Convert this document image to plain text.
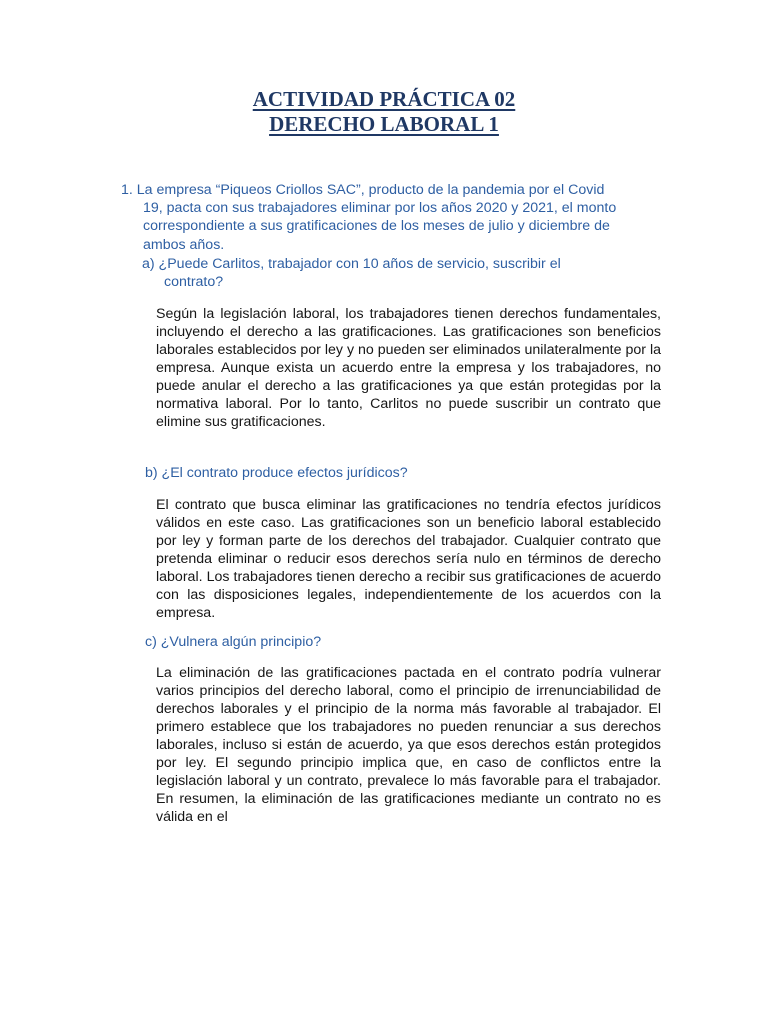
ACTIVIDAD PRÁCTICA 02
DERECHO LABORAL 1
1. La empresa “Piqueos Criollos SAC”, producto de la pandemia por el Covid
19, pacta con sus trabajadores eliminar por los años 2020 y 2021, el monto
correspondiente a sus gratificaciones de los meses de julio y diciembre de
ambos años.
a) ¿Puede Carlitos, trabajador con 10 años de servicio, suscribir el
contrato?
Según la legislación laboral, los trabajadores tienen derechos fundamentales, incluyendo el derecho a las gratificaciones. Las gratificaciones son beneficios laborales establecidos por ley y no pueden ser eliminados unilateralmente por la empresa. Aunque exista un acuerdo entre la empresa y los trabajadores, no puede anular el derecho a las gratificaciones ya que están protegidas por la normativa laboral. Por lo tanto, Carlitos no puede suscribir un contrato que elimine sus gratificaciones.
b) ¿El contrato produce efectos jurídicos?
El contrato que busca eliminar las gratificaciones no tendría efectos jurídicos válidos en este caso. Las gratificaciones son un beneficio laboral establecido por ley y forman parte de los derechos del trabajador. Cualquier contrato que pretenda eliminar o reducir esos derechos sería nulo en términos de derecho laboral. Los trabajadores tienen derecho a recibir sus gratificaciones de acuerdo con las disposiciones legales, independientemente de los acuerdos con la empresa.
c) ¿Vulnera algún principio?
La eliminación de las gratificaciones pactada en el contrato podría vulnerar varios principios del derecho laboral, como el principio de irrenunciabilidad de derechos laborales y el principio de la norma más favorable al trabajador. El primero establece que los trabajadores no pueden renunciar a sus derechos laborales, incluso si están de acuerdo, ya que esos derechos están protegidos por ley. El segundo principio implica que, en caso de conflictos entre la legislación laboral y un contrato, prevalece lo más favorable para el trabajador. En resumen, la eliminación de las gratificaciones mediante un contrato no es válida en el
